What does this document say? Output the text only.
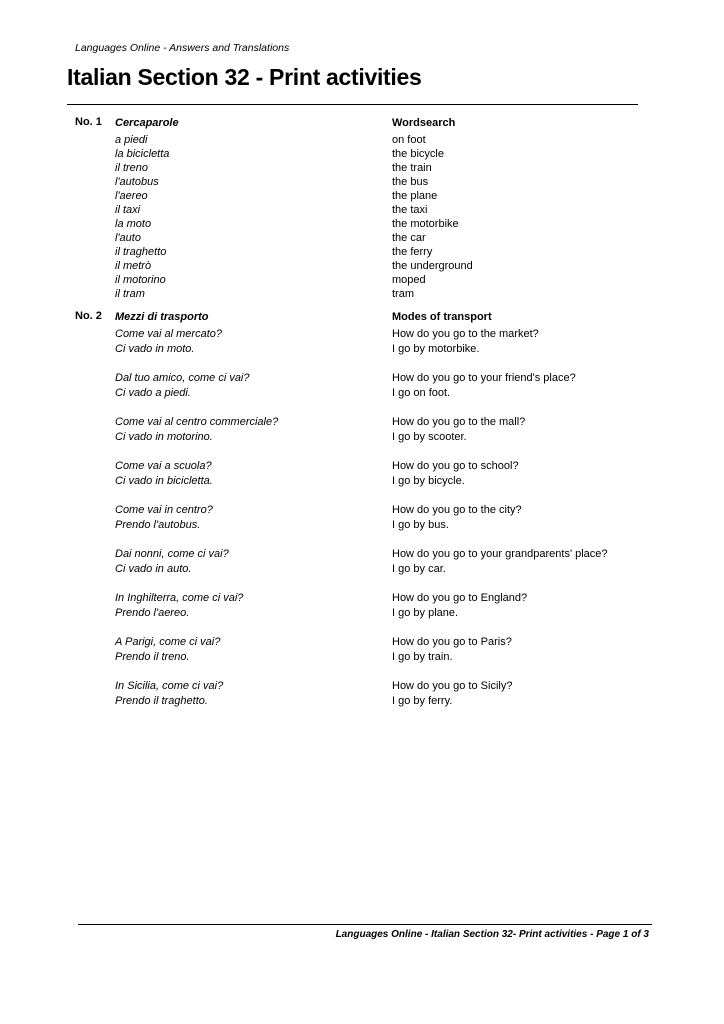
Languages Online - Answers and Translations
Italian Section 32 - Print activities
No. 1 Cercaparole
a piedi
la bicicletta
il treno
l'autobus
l'aereo
il taxi
la moto
l'auto
il traghetto
il metrò
il motorino
il tram
Wordsearch
on foot
the bicycle
the train
the bus
the plane
the taxi
the motorbike
the car
the ferry
the underground
moped
tram
No. 2 Mezzi di trasporto
Come vai al mercato?
Ci vado in moto.
Dal tuo amico, come ci vai?
Ci vado a piedi.
Come vai al centro commerciale?
Ci vado in motorino.
Come vai a scuola?
Ci vado in bicicletta.
Come vai in centro?
Prendo l'autobus.
Dai nonni, come ci vai?
Ci vado in auto.
In Inghilterra, come ci vai?
Prendo l'aereo.
A Parigi, come ci vai?
Prendo il treno.
In Sicilia, come ci vai?
Prendo il traghetto.
Modes of transport
How do you go to the market?
I go by motorbike.
How do you go to your friend's place?
I go on foot.
How do you go to the mall?
I go by scooter.
How do you go to school?
I go by bicycle.
How do you go to the city?
I go by bus.
How do you go to your grandparents' place?
I go by car.
How do you go to England?
I go by plane.
How do you go to Paris?
I go by train.
How do you go to Sicily?
I go by ferry.
Languages Online - Italian Section 32- Print activities - Page 1 of 3
